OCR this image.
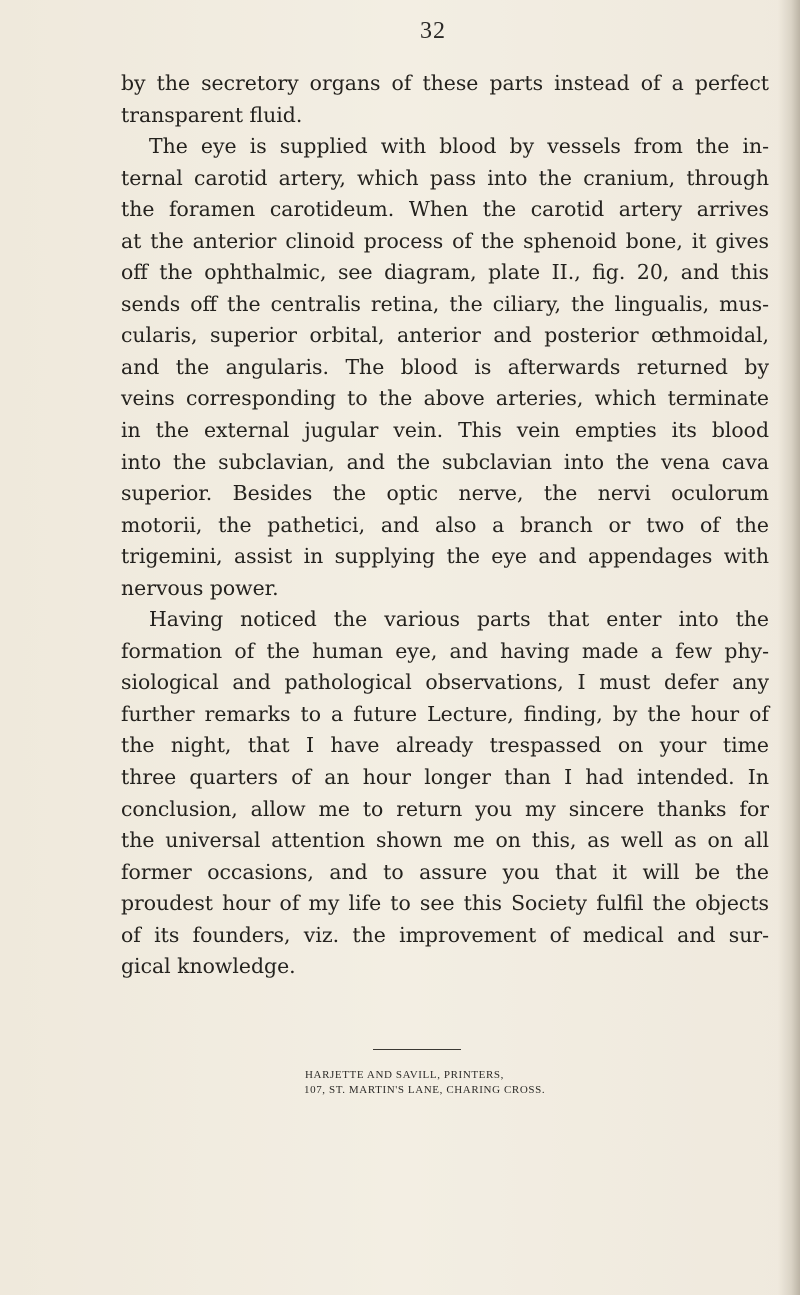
32

by the secretory organs of these parts instead of a perfect

transparent fluid.

The eye is supplied with blood by vessels from the in-

ternal carotid artery, which pass into the cranium, through

the foramen carotideum. When the carotid artery arrives

at the anterior clinoid process of the sphenoid bone, it gives

off the ophthalmic, see diagram, plate II., fig. 20, and this

sends off the centralis retina, the ciliary, the lingualis, mus-

cularis, superior orbital, anterior and posterior œthmoidal,

and the angularis. The blood is afterwards returned by

veins corresponding to the above arteries, which terminate

in the external jugular vein. This vein empties its blood

into the subclavian, and the subclavian into the vena cava

superior. Besides the optic nerve, the nervi oculorum

motorii, the pathetici, and also a branch or two of the

trigemini, assist in supplying the eye and appendages with

nervous power.

Having noticed the various parts that enter into the

formation of the human eye, and having made a few phy-

siological and pathological observations, I must defer any

further remarks to a future Lecture, finding, by the hour of

the night, that I have already trespassed on your time

three quarters of an hour longer than I had intended. In

conclusion, allow me to return you my sincere thanks for

the universal attention shown me on this, as well as on all

former occasions, and to assure you that it will be the

proudest hour of my life to see this Society fulfil the objects

of its founders, viz. the improvement of medical and sur-

gical knowledge.

HARJETTE AND SAVILL, PRINTERS,
107, ST. MARTIN'S LANE, CHARING CROSS.
